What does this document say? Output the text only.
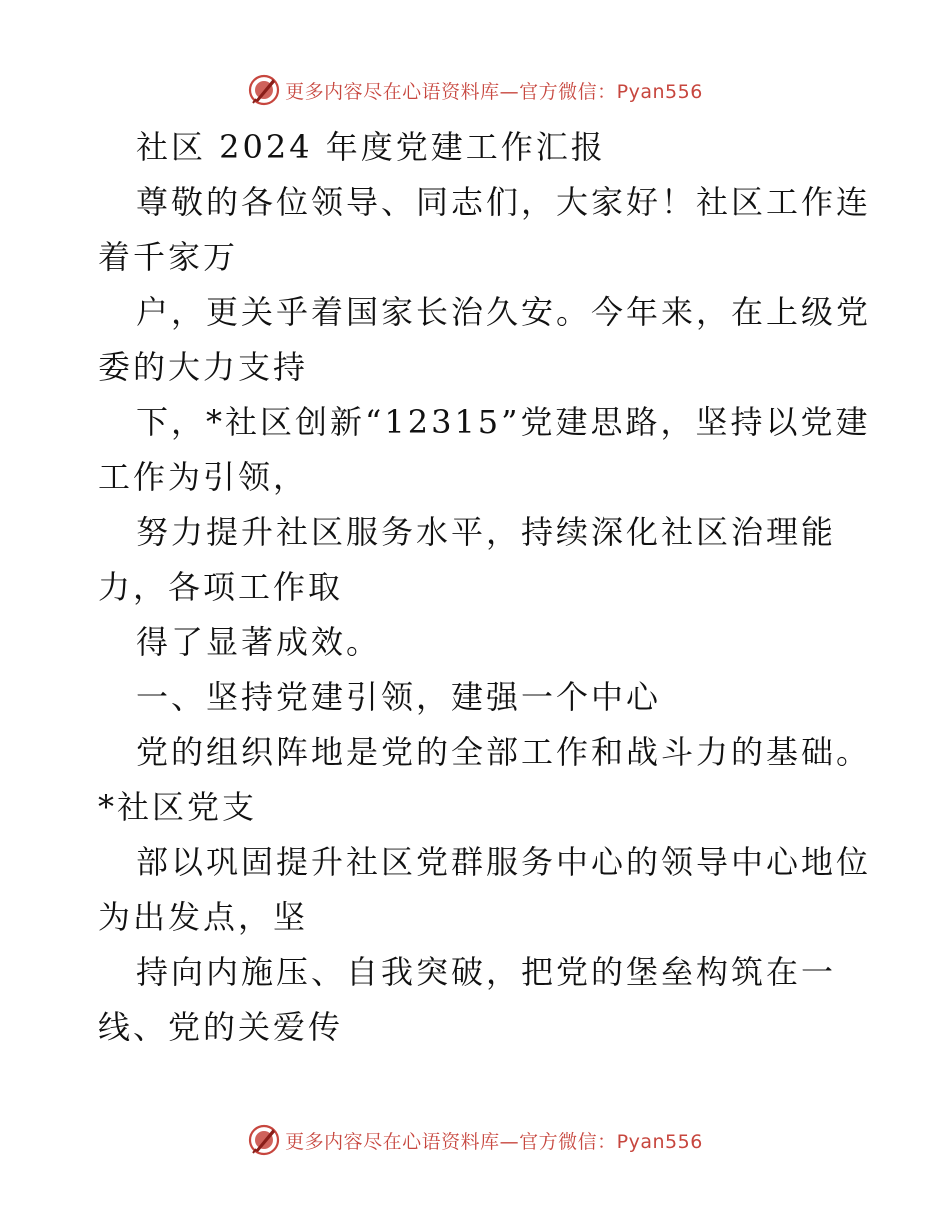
更多内容尽在心语资料库—官方微信：Pyan556
社区 2024 年度党建工作汇报
尊敬的各位领导、同志们，大家好！社区工作连
着千家万
户，更关乎着国家长治久安。今年来，在上级党
委的大力支持
下，*社区创新“12315”党建思路，坚持以党建
工作为引领，
努力提升社区服务水平，持续深化社区治理能
力，各项工作取
得了显著成效。
一、坚持党建引领，建强一个中心
党的组织阵地是党的全部工作和战斗力的基础。
*社区党支
部以巩固提升社区党群服务中心的领导中心地位
为出发点，坚
持向内施压、自我突破，把党的堡垒构筑在一
线、党的关爱传
更多内容尽在心语资料库—官方微信：Pyan556
